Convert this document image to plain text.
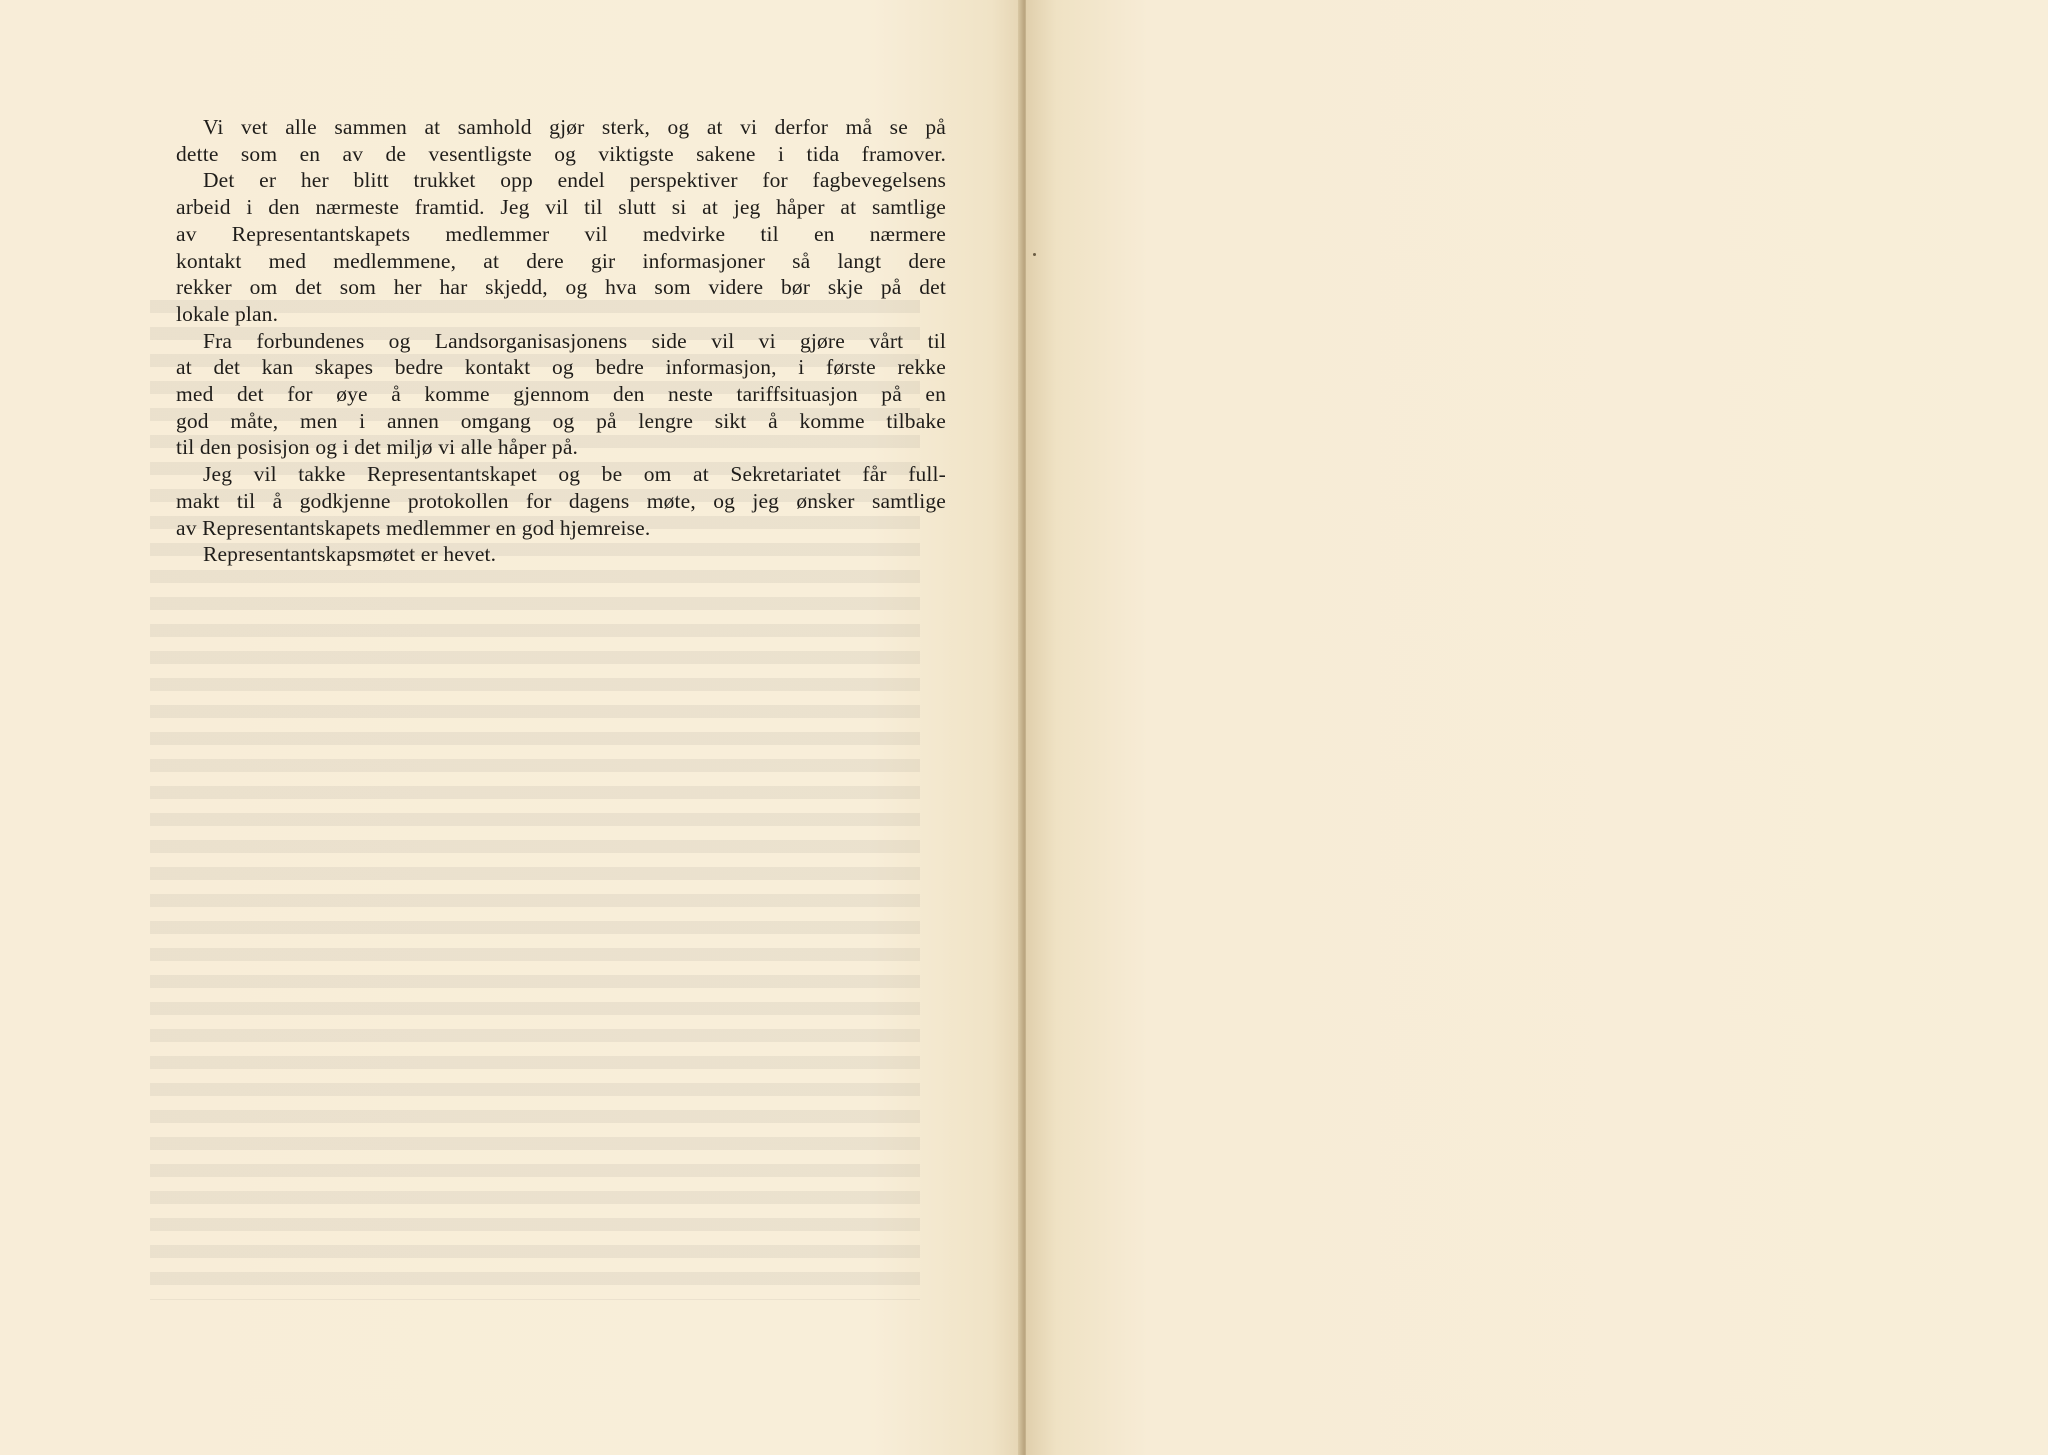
Vi vet alle sammen at samhold gjør sterk, og at vi derfor må se på
dette som en av de vesentligste og viktigste sakene i tida framover.
Det er her blitt trukket opp endel perspektiver for fagbevegelsens
arbeid i den nærmeste framtid. Jeg vil til slutt si at jeg håper at samtlige
av Representantskapets medlemmer vil medvirke til en nærmere
kontakt med medlemmene, at dere gir informasjoner så langt dere
rekker om det som her har skjedd, og hva som videre bør skje på det
lokale plan.
Fra forbundenes og Landsorganisasjonens side vil vi gjøre vårt til
at det kan skapes bedre kontakt og bedre informasjon, i første rekke
med det for øye å komme gjennom den neste tariffsituasjon på en
god måte, men i annen omgang og på lengre sikt å komme tilbake
til den posisjon og i det miljø vi alle håper på.
Jeg vil takke Representantskapet og be om at Sekretariatet får full-
makt til å godkjenne protokollen for dagens møte, og jeg ønsker samtlige
av Representantskapets medlemmer en god hjemreise.
Representantskapsmøtet er hevet.
